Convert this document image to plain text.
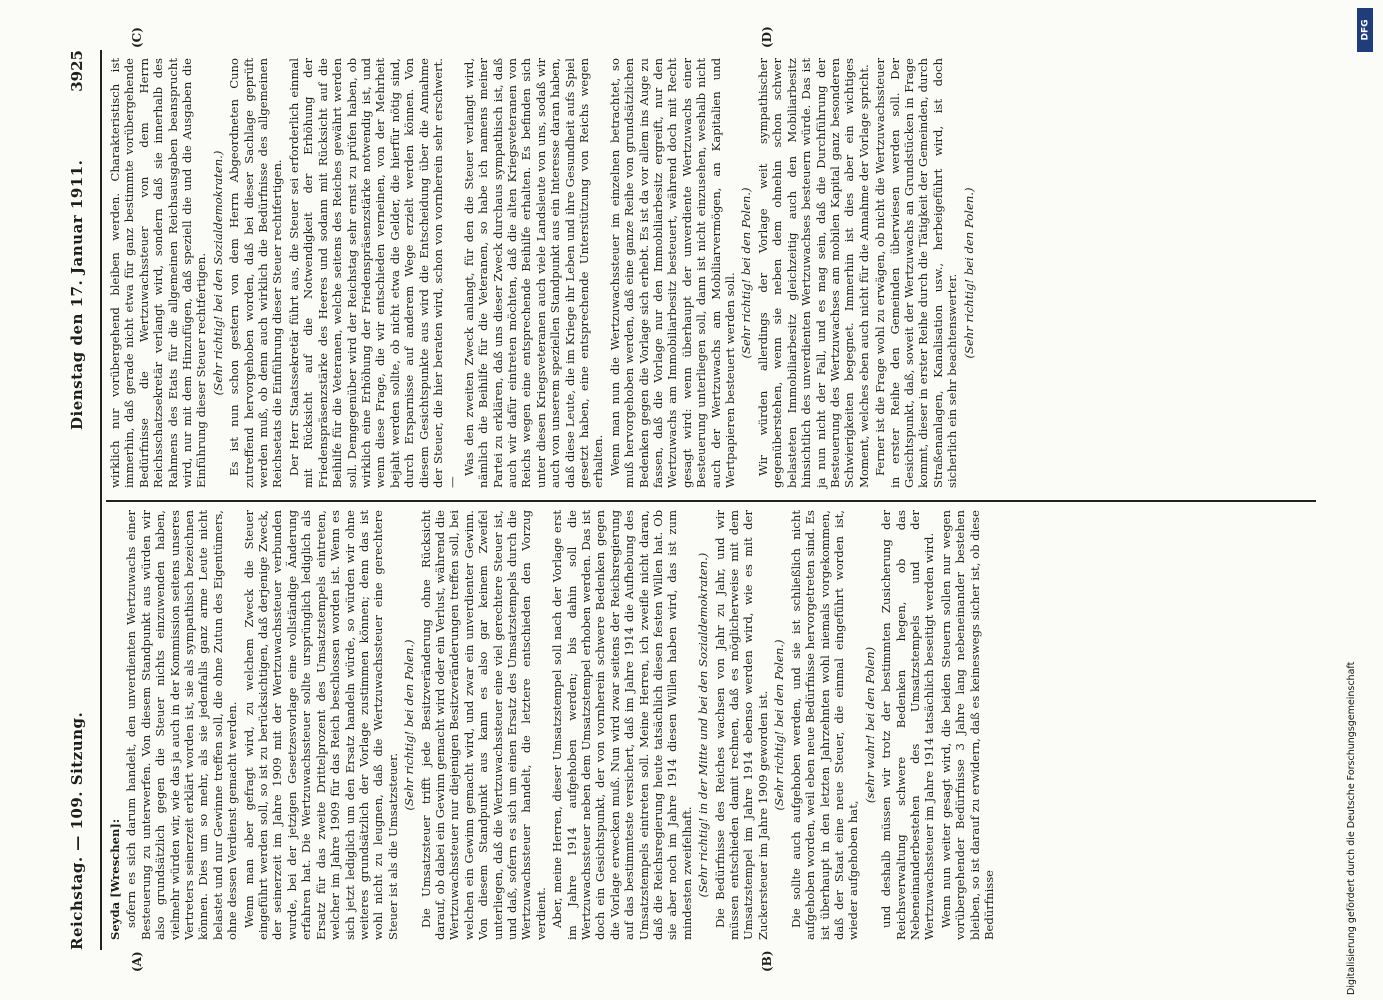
Reichstag. — 109. Sitzung.
Dienstag den 17. Januar 1911.
3925
(A)	(B)
(C)	(D)

Seyda [Wreschen]: sofern es sich darum handelt, den unverdienten Wertzuwachs einer Besteuerung zu unterwerfen. Von diesem Standpunkt aus würden wir also grundsätzlich gegen die Steuer nichts einzuwenden haben, vielmehr würden wir, wie das ja auch in der Kommission seitens unseres Vertreters seinerzeit erklärt worden ist, sie als sympathisch bezeichnen können. Dies um so mehr, als sie jedenfalls ganz arme Leute nicht belastet und nur Gewinne treffen soll, die ohne Zutun des Eigentümers, ohne dessen Verdienst gemacht werden. Wenn man aber gefragt wird, zu welchem Zweck die Steuer eingeführt werden soll, so ist zu berücksichtigen, daß derjenige Zweck, der seinerzeit im Jahre 1909 mit der Wertzuwachssteuer verbunden wurde, bei der jetzigen Gesetzesvorlage eine vollständige Änderung erfahren hat. Die Wertzuwachssteuer sollte ursprünglich lediglich als Ersatz für das zweite Drittelprozent des Umsatzstempels eintreten, welcher im Jahre 1909 für das Reich beschlossen worden ist. Wenn es sich jetzt lediglich um den Ersatz handeln würde, so würden wir ohne weiteres grundsätzlich der Vorlage zustimmen können; denn das ist wohl nicht zu leugnen, daß die Wertzuwachssteuer eine gerechtere Steuer ist als die Umsatzsteuer.

(Sehr richtig! bei den Polen.) Die Umsatzsteuer trifft jede Besitzveränderung ohne Rücksicht darauf, ob dabei ein Gewinn gemacht wird oder ein Verlust, während die Wertzuwachssteuer nur diejenigen Besitzveränderungen treffen soll, bei welchen ein Gewinn gemacht wird, und zwar ein unverdienter Gewinn. Von diesem Standpunkt aus kann es also gar keinem Zweifel unterliegen, daß die Wertzuwachssteuer eine viel gerechtere Steuer ist, und daß, sofern es sich um einen Ersatz des Umsatzstempels durch die Wertzuwachssteuer handelt, die letztere entschieden den Vorzug verdient. Aber, meine Herren, dieser Umsatzstempel soll nach der Vorlage erst im Jahre 1914 aufgehoben werden; bis dahin soll die Wertzuwachssteuer neben dem Umsatzstempel erhoben werden. Das ist doch ein Gesichtspunkt, der von vornherein schwere Bedenken gegen die Vorlage erwecken muß. Nun wird zwar seitens der Reichsregierung auf das bestimmteste versichert, daß im Jahre 1914 die Aufhebung des Umsatzstempels eintreten soll. Meine Herren, ich zweifle nicht daran, daß die Reichsregierung heute tatsächlich diesen festen Willen hat. Ob sie aber noch im Jahre 1914 diesen Willen haben wird, das ist zum mindesten zweifelhaft. (Sehr richtig! in der Mitte und bei den Sozialdemokraten.) Die Bedürfnisse des Reiches wachsen von Jahr zu Jahr, und wir müssen entschieden damit rechnen, daß es möglicherweise mit dem Umsatzstempel im Jahre 1914 ebenso werden wird, wie es mit der Zuckersteuer im Jahre 1909 geworden ist. (Sehr richtig! bei den Polen.) Die sollte auch aufgehoben werden, und sie ist schließlich nicht aufgehoben worden, weil eben neue Bedürfnisse hervorgetreten sind. Es ist überhaupt in den letzten Jahrzehnten wohl niemals vorgekommen, daß der Staat eine neue Steuer, die einmal eingeführt worden ist, wieder aufgehoben hat,

(sehr wahr! bei den Polen) und deshalb müssen wir trotz der bestimmten Zusicherung der Reichsverwaltung schwere Bedenken hegen, ob das Nebeneinanderbestehen des Umsatzstempels und der Wertzuwachssteuer im Jahre 1914 tatsächlich beseitigt werden wird. Wenn nun weiter gesagt wird, die beiden Steuern sollen nur wegen vorübergehender Bedürfnisse 3 Jahre lang nebeneinander bestehen bleiben, so ist darauf zu erwidern, daß es keineswegs sicher ist, ob diese Bedürfnisse

wirklich nur vorübergehend bleiben werden. Charakteristisch ist immerhin, daß gerade nicht etwa für ganz bestimmte vorübergehende Bedürfnisse die Wertzuwachssteuer von dem Herrn Reichsschatzsekretär verlangt wird, sondern daß sie innerhalb des Rahmens des Etats für die allgemeinen Reichsausgaben beansprucht wird, nur mit dem Hinzufügen, daß speziell die und die Ausgaben die Einführung dieser Steuer rechtfertigen. (Sehr richtig! bei den Sozialdemokraten.) Es ist nun schon gestern von dem Herrn Abgeordneten Cuno zutreffend hervorgehoben worden, daß bei dieser Sachlage geprüft werden muß, ob denn auch wirklich die Bedürfnisse des allgemeinen Reichsetats die Einführung dieser Steuer rechtfertigen. Der Herr Staatssekretär führt aus, die Steuer sei erforderlich einmal mit Rücksicht auf die Notwendigkeit der Erhöhung der Friedenspräsenzstärke des Heeres und sodann mit Rücksicht auf die Beihilfe für die Veteranen, welche seitens des Reiches gewährt werden soll. Demgegenüber wird der Reichstag sehr ernst zu prüfen haben, ob wirklich eine Erhöhung der Friedenspräsenzstärke notwendig ist, und wenn diese Frage, die wir entschieden verneinen, von der Mehrheit bejaht werden sollte, ob nicht etwa die Gelder, die hierfür nötig sind, durch Ersparnisse auf anderem Wege erzielt werden können. Von diesem Gesichtspunkte aus wird die Entscheidung über die Annahme der Steuer, die hier beraten wird, schon von vornherein sehr erschwert. —

Was den zweiten Zweck anlangt, für den die Steuer verlangt wird, nämlich die Beihilfe für die Veteranen, so habe ich namens meiner Partei zu erklären, daß uns dieser Zweck durchaus sympathisch ist, daß auch wir dafür eintreten möchten, daß die alten Kriegsveteranen von Reichs wegen eine entsprechende Beihilfe erhalten. Es befinden sich unter diesen Kriegsveteranen auch viele Landsleute von uns, sodaß wir auch von unserem speziellen Standpunkt aus ein Interesse daran haben, daß diese Leute, die im Kriege ihr Leben und ihre Gesundheit aufs Spiel gesetzt haben, eine entsprechende Unterstützung von Reichs wegen erhalten. Wenn man nun die Wertzuwachssteuer im einzelnen betrachtet, so muß hervorgehoben werden, daß eine ganze Reihe von grundsätzlichen Bedenken gegen die Vorlage sich erhebt. Es ist da vor allem ins Auge zu fassen, daß die Vorlage nur den Immobiliarbesitz ergreift, nur den Wertzuwachs am Immobiliarbesitz besteuert, während doch mit Recht gesagt wird: wenn überhaupt der unverdiente Wertzuwachs einer Besteuerung unterliegen soll, dann ist nicht einzusehen, weshalb nicht auch der Wertzuwachs am Mobiliarvermögen, an Kapitalien und Wertpapieren besteuert werden soll. (Sehr richtig! bei den Polen.) Wir würden allerdings der Vorlage weit sympathischer gegenüberstehen, wenn sie neben dem ohnehin schon schwer belasteten Immobiliarbesitz gleichzeitig auch den Mobiliarbesitz hinsichtlich des unverdienten Wertzuwachses besteuern würde. Das ist ja nun nicht der Fall, und es mag sein, daß die Durchführung der Besteuerung des Wertzuwachses am mobilen Kapital ganz besonderen Schwierigkeiten begegnet. Immerhin ist dies aber ein wichtiges Moment, welches eben auch nicht für die Annahme der Vorlage spricht. Ferner ist die Frage wohl zu erwägen, ob nicht die Wertzuwachssteuer in erster Reihe den Gemeinden überwiesen werden soll. Der Gesichtspunkt, daß, soweit der Wertzuwachs an Grundstücken in Frage kommt, dieser in erster Reihe durch die Tätigkeit der Gemeinden, durch Straßenanlagen, Kanalisation usw., herbeigeführt wird, ist doch sicherlich ein sehr beachtenswerter.

(Sehr richtig! bei den Polen.)

DFG
Digitalisierung gefördert durch die Deutsche Forschungsgemeinschaft
